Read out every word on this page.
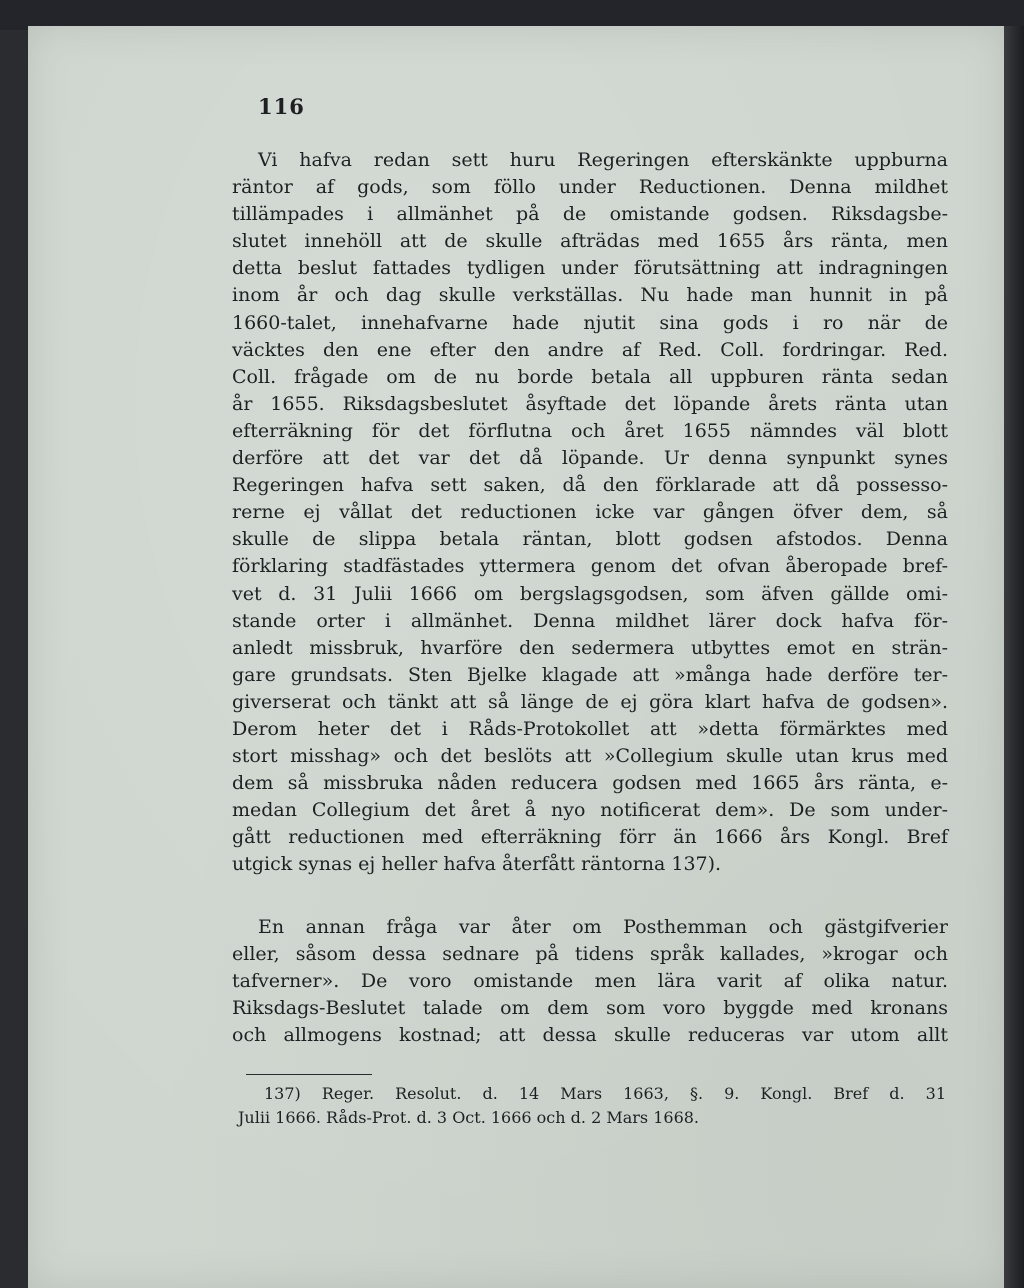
116
Vi hafva redan sett huru Regeringen efterskänkte uppburna
räntor af gods, som föllo under Reductionen. Denna mildhet
tillämpades i allmänhet på de omistande godsen. Riksdagsbe-
slutet innehöll att de skulle afträdas med 1655 års ränta, men
detta beslut fattades tydligen under förutsättning att indragningen
inom år och dag skulle verkställas. Nu hade man hunnit in på
1660-talet, innehafvarne hade njutit sina gods i ro när de
väcktes den ene efter den andre af Red. Coll. fordringar. Red.
Coll. frågade om de nu borde betala all uppburen ränta sedan
år 1655. Riksdagsbeslutet åsyftade det löpande årets ränta utan
efterräkning för det förflutna och året 1655 nämndes väl blott
derföre att det var det då löpande. Ur denna synpunkt synes
Regeringen hafva sett saken, då den förklarade att då possesso-
rerne ej vållat det reductionen icke var gången öfver dem, så
skulle de slippa betala räntan, blott godsen afstodos. Denna
förklaring stadfästades yttermera genom det ofvan åberopade bref-
vet d. 31 Julii 1666 om bergslagsgodsen, som äfven gällde omi-
stande orter i allmänhet. Denna mildhet lärer dock hafva för-
anledt missbruk, hvarföre den sedermera utbyttes emot en strän-
gare grundsats. Sten Bjelke klagade att »många hade derföre ter-
giverserat och tänkt att så länge de ej göra klart hafva de godsen».
Derom heter det i Råds-Protokollet att »detta förmärktes med
stort misshag» och det beslöts att »Collegium skulle utan krus med
dem så missbruka nåden reducera godsen med 1665 års ränta, e-
medan Collegium det året å nyo notificerat dem». De som under-
gått reductionen med efterräkning förr än 1666 års Kongl. Bref
utgick synas ej heller hafva återfått räntorna 137).
En annan fråga var åter om Posthemman och gästgifverier
eller, såsom dessa sednare på tidens språk kallades, »krogar och
tafverner». De voro omistande men lära varit af olika natur.
Riksdags-Beslutet talade om dem som voro byggde med kronans
och allmogens kostnad; att dessa skulle reduceras var utom allt
137) Reger. Resolut. d. 14 Mars 1663, §. 9. Kongl. Bref d. 31
Julii 1666. Råds-Prot. d. 3 Oct. 1666 och d. 2 Mars 1668.
